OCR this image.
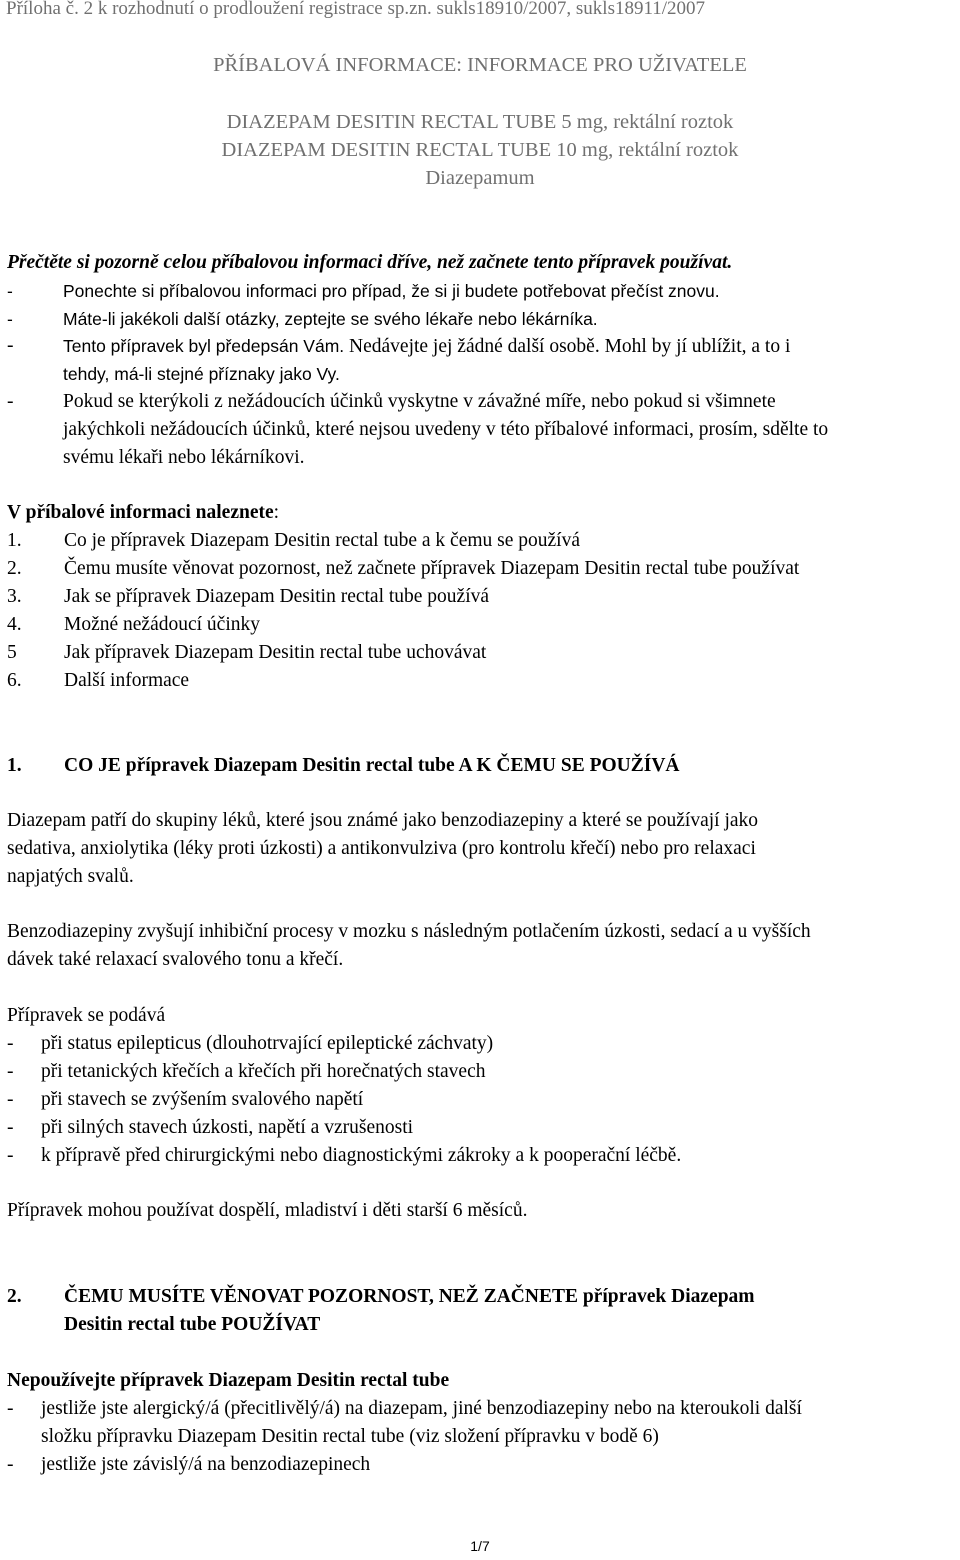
Příloha č. 2 k rozhodnutí o prodloužení registrace sp.zn. sukls18910/2007, sukls18911/2007
PŘÍBALOVÁ INFORMACE: INFORMACE PRO UŽIVATELE
DIAZEPAM DESITIN RECTAL TUBE 5 mg, rektální roztok
DIAZEPAM DESITIN RECTAL TUBE 10 mg, rektální roztok
Diazepamum
Přečtěte si pozorně celou příbalovou informaci dříve, než začnete tento přípravek používat.
-	Ponechte si příbalovou informaci pro případ, že si ji budete potřebovat přečíst znovu.
-	Máte-li jakékoli další otázky, zeptejte se svého lékaře nebo lékárníka.
-	Tento přípravek byl předepsán Vám. Nedávejte jej žádné další osobě. Mohl by jí ublížit, a to i
tehdy, má-li stejné příznaky jako Vy.
-	Pokud se kterýkoli z nežádoucích účinků vyskytne v závažné míře, nebo pokud si všimnete
jakýchkoli nežádoucích účinků, které nejsou uvedeny v této příbalové informaci, prosím, sdělte to
svému lékaři nebo lékárníkovi.
V příbalové informaci naleznete:
1. Co je přípravek Diazepam Desitin rectal tube a k čemu se používá
2. Čemu musíte věnovat pozornost, než začnete přípravek Diazepam Desitin rectal tube používat
3. Jak se přípravek Diazepam Desitin rectal tube používá
4. Možné nežádoucí účinky
5 Jak přípravek Diazepam Desitin rectal tube uchovávat
6. Další informace
1. CO JE přípravek Diazepam Desitin rectal tube A K ČEMU SE POUŽÍVÁ
Diazepam patří do skupiny léků, které jsou známé jako benzodiazepiny a které se používají jako
sedativa, anxiolytika (léky proti úzkosti) a antikonvulziva (pro kontrolu křečí) nebo pro relaxaci
napjatých svalů.
Benzodiazepiny zvyšují inhibiční procesy v mozku s následným potlačením úzkosti, sedací a u vyšších
dávek také relaxací svalového tonu a křečí.
Přípravek se podává
- při status epilepticus (dlouhotrvající epileptické záchvaty)
- při tetanických křečích a křečích při horečnatých stavech
- při stavech se zvýšením svalového napětí
- při silných stavech úzkosti, napětí a vzrušenosti
- k přípravě před chirurgickými nebo diagnostickými zákroky a k pooperační léčbě.
Přípravek mohou používat dospělí, mladiství i děti starší 6 měsíců.
2. ČEMU MUSÍTE VĚNOVAT POZORNOST, NEŽ ZAČNETE přípravek Diazepam
Desitin rectal tube POUŽÍVAT
Nepoužívejte přípravek Diazepam Desitin rectal tube
- jestliže jste alergický/á (přecitlivělý/á) na diazepam, jiné benzodiazepiny nebo na kteroukoli další
složku přípravku Diazepam Desitin rectal tube (viz složení přípravku v bodě 6)
- jestliže jste závislý/á na benzodiazepinech
1/7
